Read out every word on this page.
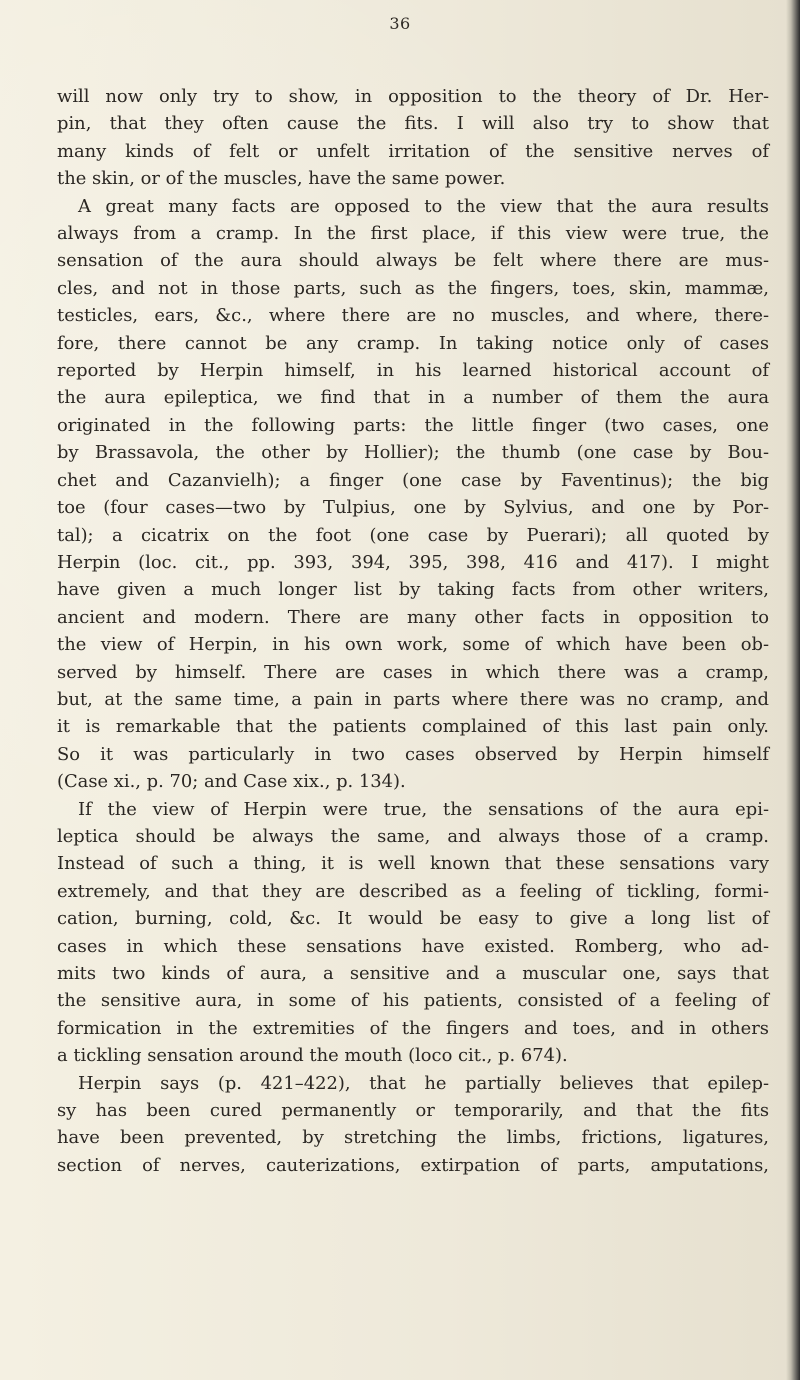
36
will now only try to show, in opposition to the theory of Dr. Her-
pin, that they often cause the fits. I will also try to show that
many kinds of felt or unfelt irritation of the sensitive nerves of
the skin, or of the muscles, have the same power.
A great many facts are opposed to the view that the aura results
always from a cramp. In the first place, if this view were true, the
sensation of the aura should always be felt where there are mus-
cles, and not in those parts, such as the fingers, toes, skin, mammæ,
testicles, ears, &c., where there are no muscles, and where, there-
fore, there cannot be any cramp. In taking notice only of cases
reported by Herpin himself, in his learned historical account of
the aura epileptica, we find that in a number of them the aura
originated in the following parts: the little finger (two cases, one
by Brassavola, the other by Hollier); the thumb (one case by Bou-
chet and Cazanvielh); a finger (one case by Faventinus); the big
toe (four cases—two by Tulpius, one by Sylvius, and one by Por-
tal); a cicatrix on the foot (one case by Puerari); all quoted by
Herpin (loc. cit., pp. 393, 394, 395, 398, 416 and 417). I might
have given a much longer list by taking facts from other writers,
ancient and modern. There are many other facts in opposition to
the view of Herpin, in his own work, some of which have been ob-
served by himself. There are cases in which there was a cramp,
but, at the same time, a pain in parts where there was no cramp, and
it is remarkable that the patients complained of this last pain only.
So it was particularly in two cases observed by Herpin himself
(Case xi., p. 70; and Case xix., p. 134).
If the view of Herpin were true, the sensations of the aura epi-
leptica should be always the same, and always those of a cramp.
Instead of such a thing, it is well known that these sensations vary
extremely, and that they are described as a feeling of tickling, formi-
cation, burning, cold, &c. It would be easy to give a long list of
cases in which these sensations have existed. Romberg, who ad-
mits two kinds of aura, a sensitive and a muscular one, says that
the sensitive aura, in some of his patients, consisted of a feeling of
formication in the extremities of the fingers and toes, and in others
a tickling sensation around the mouth (loco cit., p. 674).
Herpin says (p. 421–422), that he partially believes that epilep-
sy has been cured permanently or temporarily, and that the fits
have been prevented, by stretching the limbs, frictions, ligatures,
section of nerves, cauterizations, extirpation of parts, amputations,
